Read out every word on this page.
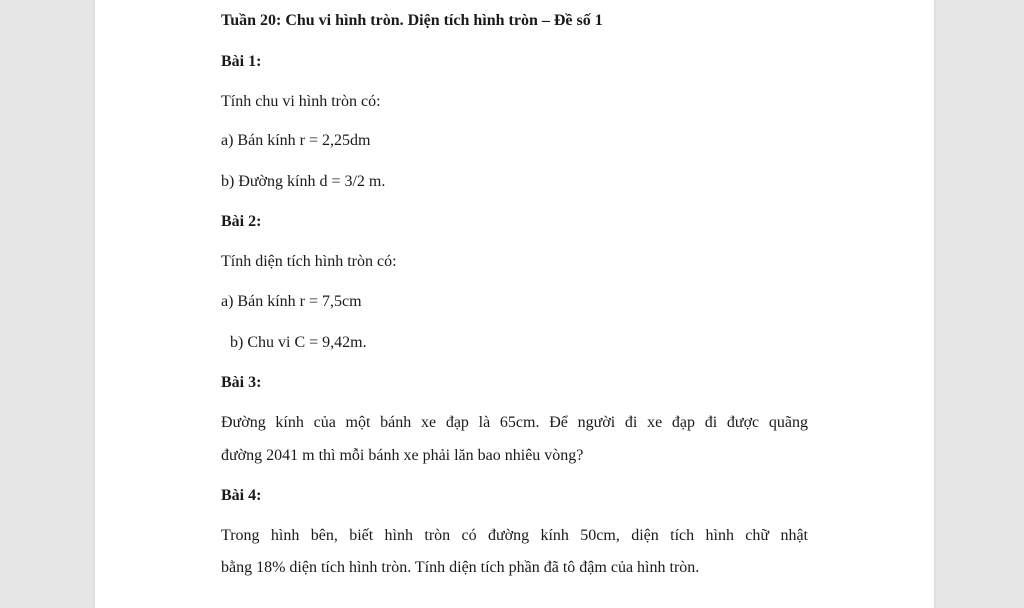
Tuần 20: Chu vi hình tròn. Diện tích hình tròn – Đề số 1
Bài 1:
Tính chu vi hình tròn có:
a) Bán kính r = 2,25dm
b) Đường kính d = 3/2 m.
Bài 2:
Tính diện tích hình tròn có:
a) Bán kính r = 7,5cm
b) Chu vi C = 9,42m.
Bài 3:
Đường kính của một bánh xe đạp là 65cm. Để người đi xe đạp đi được quãng
đường 2041 m thì mỗi bánh xe phải lăn bao nhiêu vòng?
Bài 4:
Trong hình bên, biết hình tròn có đường kính 50cm, diện tích hình chữ nhật
bằng 18% diện tích hình tròn. Tính diện tích phần đã tô đậm của hình tròn.
